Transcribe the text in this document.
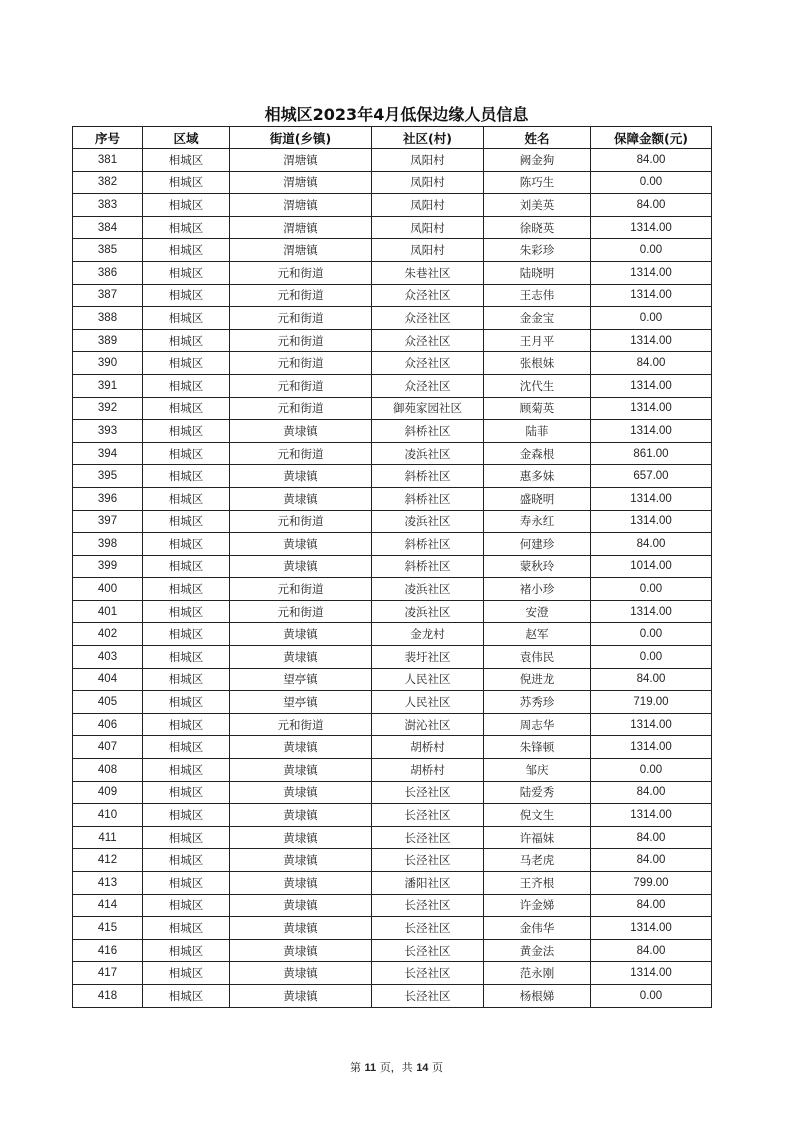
相城区2023年4月低保边缘人员信息
序号	区域	街道(乡镇)	社区(村)	姓名	保障金额(元)
381	相城区	渭塘镇	凤阳村	阙金狗	84.00
382	相城区	渭塘镇	凤阳村	陈巧生	0.00
383	相城区	渭塘镇	凤阳村	刘美英	84.00
384	相城区	渭塘镇	凤阳村	徐晓英	1314.00
385	相城区	渭塘镇	凤阳村	朱彩珍	0.00
386	相城区	元和街道	朱巷社区	陆晓明	1314.00
387	相城区	元和街道	众泾社区	王志伟	1314.00
388	相城区	元和街道	众泾社区	金金宝	0.00
389	相城区	元和街道	众泾社区	王月平	1314.00
390	相城区	元和街道	众泾社区	张根妹	84.00
391	相城区	元和街道	众泾社区	沈代生	1314.00
392	相城区	元和街道	御苑家园社区	顾菊英	1314.00
393	相城区	黄埭镇	斜桥社区	陆菲	1314.00
394	相城区	元和街道	凌浜社区	金森根	861.00
395	相城区	黄埭镇	斜桥社区	惠多妹	657.00
396	相城区	黄埭镇	斜桥社区	盛晓明	1314.00
397	相城区	元和街道	凌浜社区	寿永红	1314.00
398	相城区	黄埭镇	斜桥社区	何建珍	84.00
399	相城区	黄埭镇	斜桥社区	蒙秋玲	1014.00
400	相城区	元和街道	凌浜社区	褚小珍	0.00
401	相城区	元和街道	凌浜社区	安澄	1314.00
402	相城区	黄埭镇	金龙村	赵军	0.00
403	相城区	黄埭镇	裴圩社区	袁伟民	0.00
404	相城区	望亭镇	人民社区	倪进龙	84.00
405	相城区	望亭镇	人民社区	苏秀珍	719.00
406	相城区	元和街道	澍沁社区	周志华	1314.00
407	相城区	黄埭镇	胡桥村	朱锋顿	1314.00
408	相城区	黄埭镇	胡桥村	邹庆	0.00
409	相城区	黄埭镇	长泾社区	陆爱秀	84.00
410	相城区	黄埭镇	长泾社区	倪文生	1314.00
411	相城区	黄埭镇	长泾社区	许福妹	84.00
412	相城区	黄埭镇	长泾社区	马老虎	84.00
413	相城区	黄埭镇	潘阳社区	王齐根	799.00
414	相城区	黄埭镇	长泾社区	许金娣	84.00
415	相城区	黄埭镇	长泾社区	金伟华	1314.00
416	相城区	黄埭镇	长泾社区	黄金法	84.00
417	相城区	黄埭镇	长泾社区	范永刚	1314.00
418	相城区	黄埭镇	长泾社区	杨根娣	0.00
第 11 页，共 14 页
